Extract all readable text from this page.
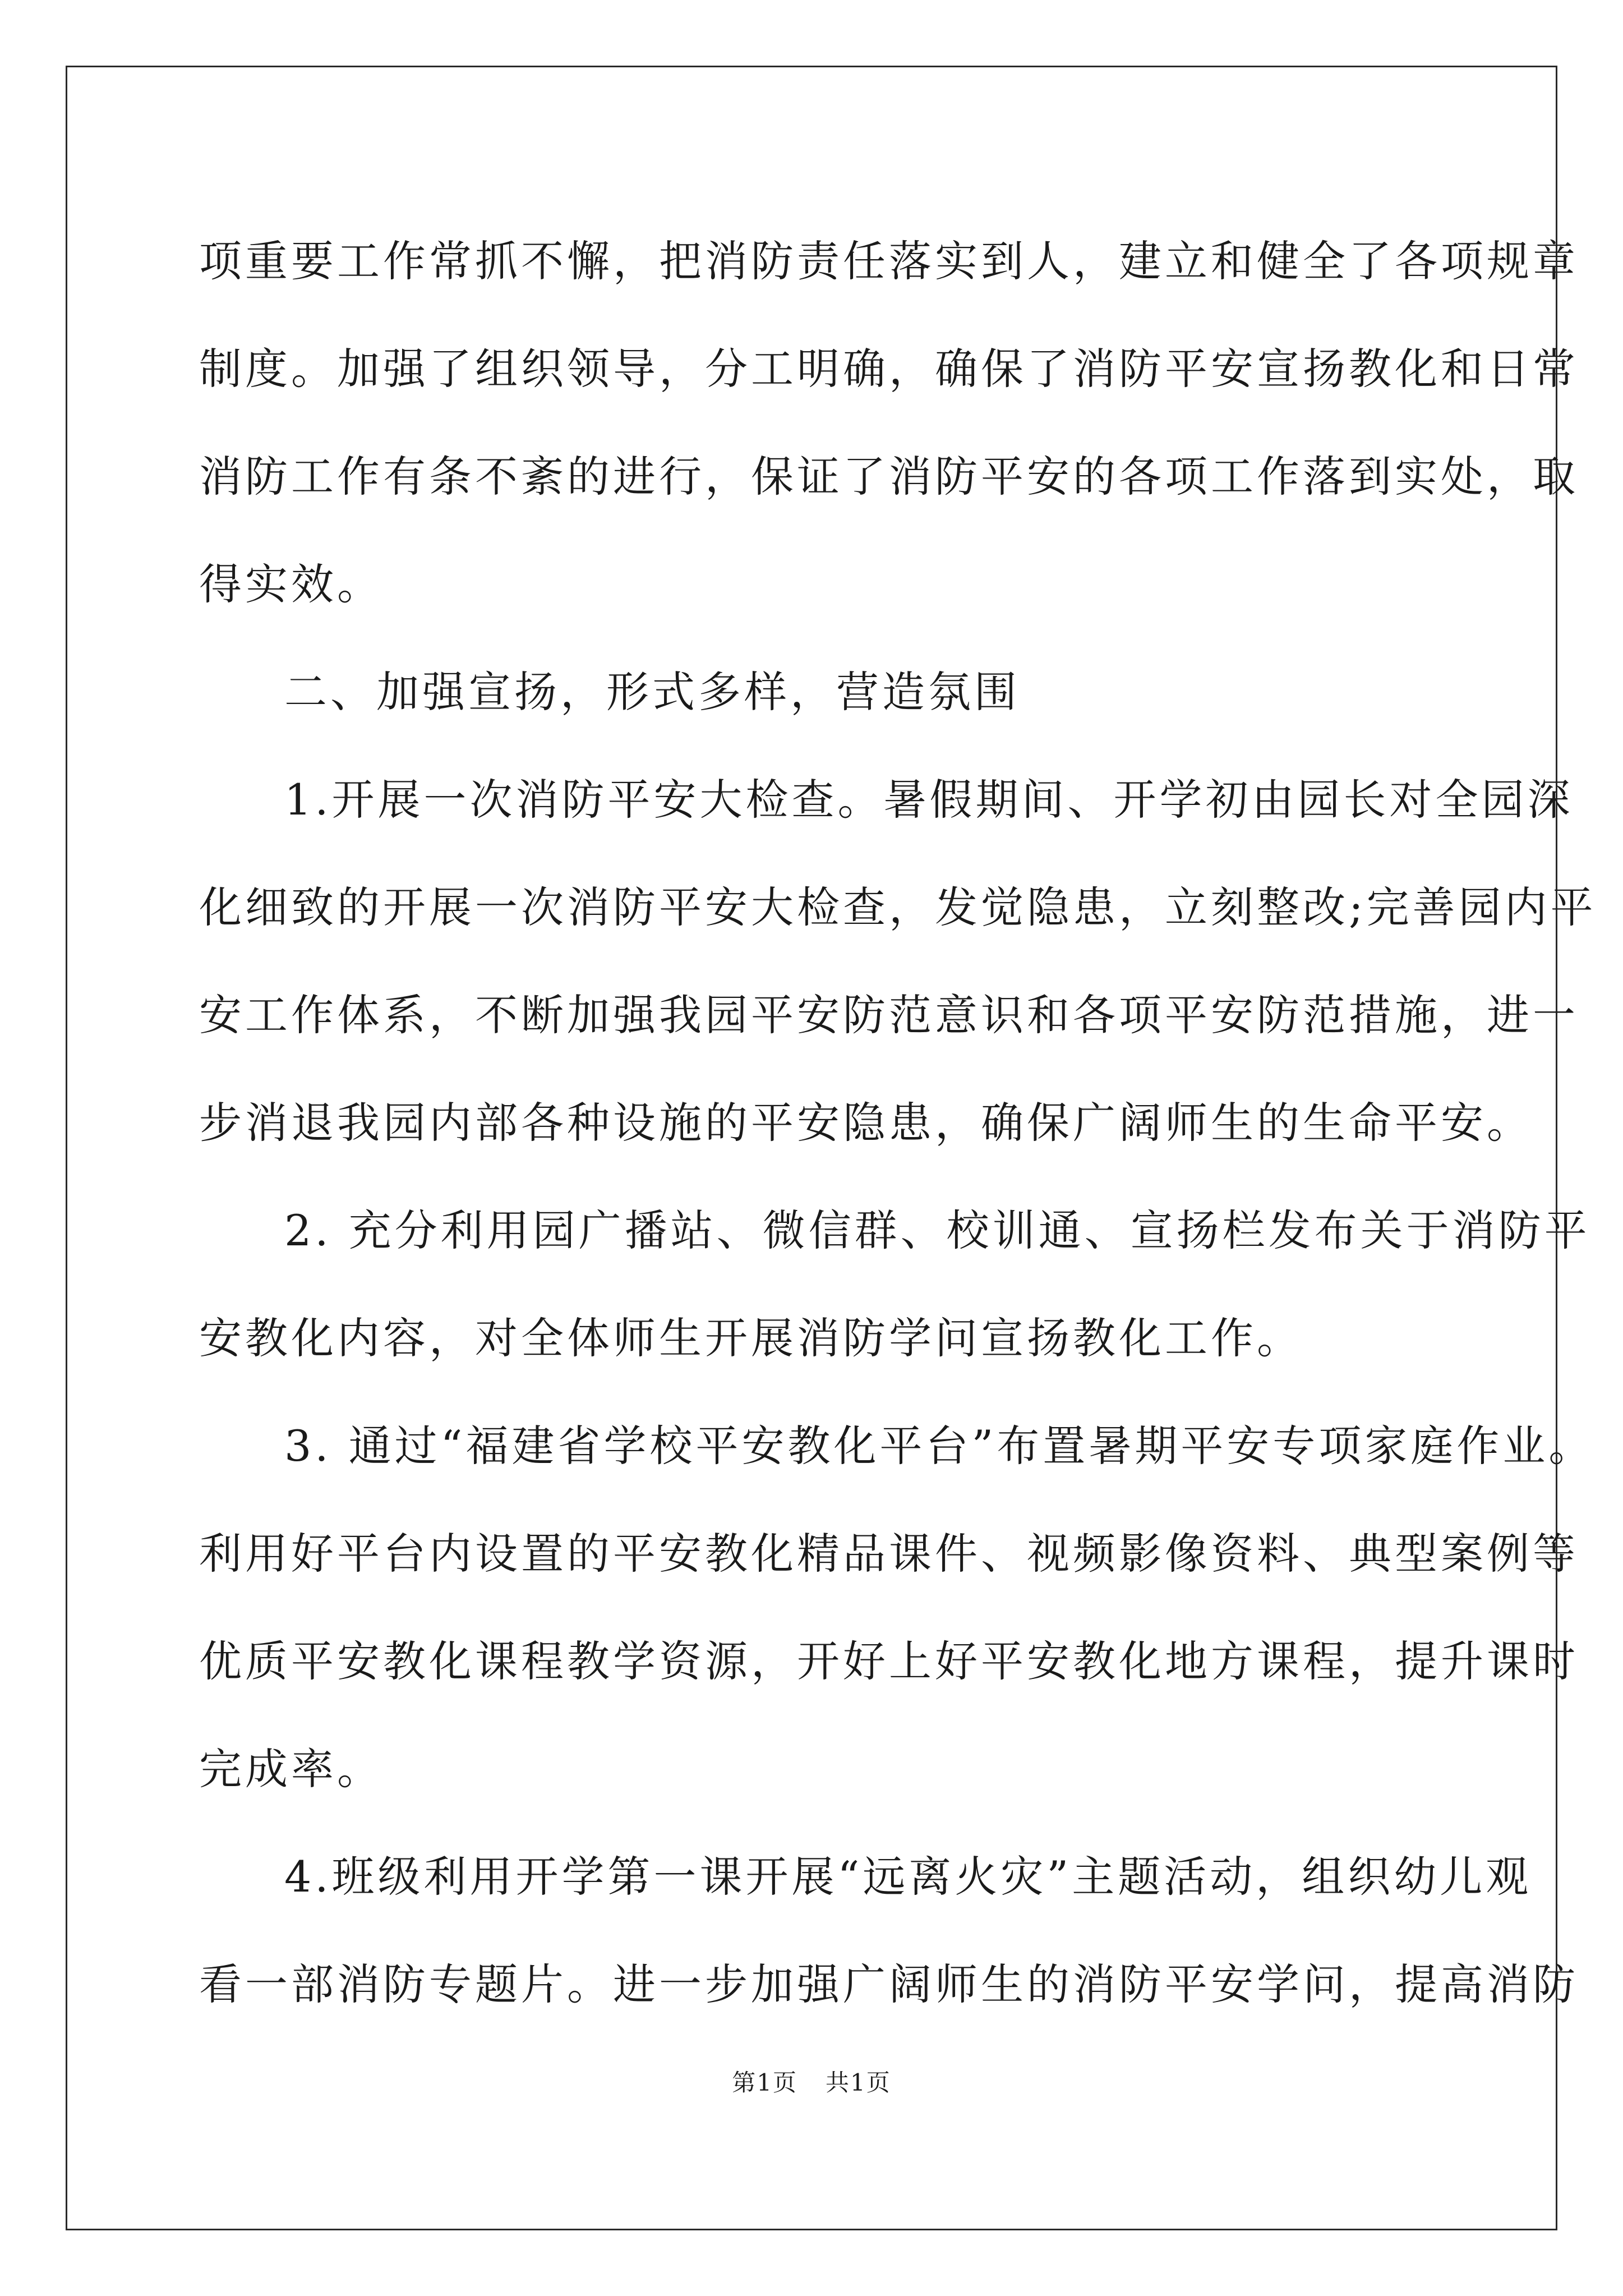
项重要工作常抓不懈，把消防责任落实到人，建立和健全了各项规章
制度。加强了组织领导，分工明确，确保了消防平安宣扬教化和日常
消防工作有条不紊的进行，保证了消防平安的各项工作落到实处，取
得实效。
二、加强宣扬，形式多样，营造氛围
1.开展一次消防平安大检查。暑假期间、开学初由园长对全园深
化细致的开展一次消防平安大检查，发觉隐患，立刻整改;完善园内平
安工作体系，不断加强我园平安防范意识和各项平安防范措施，进一
步消退我园内部各种设施的平安隐患，确保广阔师生的生命平安。
2. 充分利用园广播站、微信群、校训通、宣扬栏发布关于消防平
安教化内容，对全体师生开展消防学问宣扬教化工作。
3. 通过“福建省学校平安教化平台”布置暑期平安专项家庭作业。
利用好平台内设置的平安教化精品课件、视频影像资料、典型案例等
优质平安教化课程教学资源，开好上好平安教化地方课程，提升课时
完成率。
4.班级利用开学第一课开展“远离火灾”主题活动，组织幼儿观
看一部消防专题片。进一步加强广阔师生的消防平安学问，提高消防
第1页 共1页
